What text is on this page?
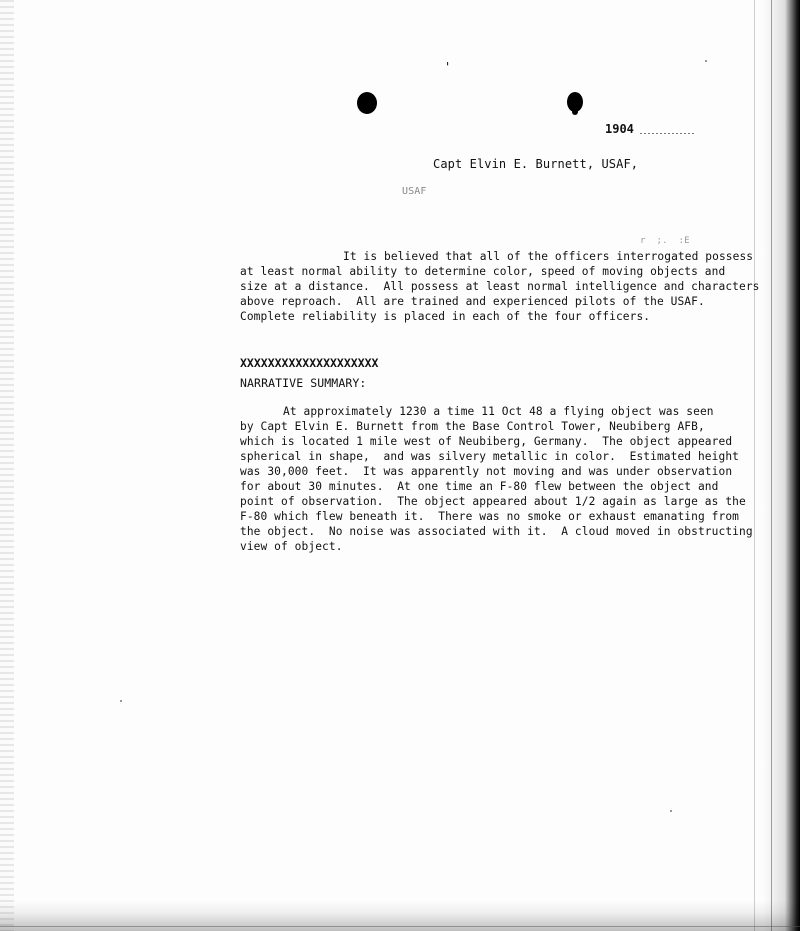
'
1904
Capt Elvin E. Burnett, USAF,
USAF
r  ;.  :E
It is believed that all of the officers interrogated possess
at least normal ability to determine color, speed of moving objects and
size at a distance.  All possess at least normal intelligence and characters
above reproach.  All are trained and experienced pilots of the USAF.
Complete reliability is placed in each of the four officers.
XXXXXXXXXXXXXXXXXXXX
NARRATIVE SUMMARY:
At approximately 1230 a time 11 Oct 48 a flying object was seen
by Capt Elvin E. Burnett from the Base Control Tower, Neubiberg AFB,
which is located 1 mile west of Neubiberg, Germany.  The object appeared
spherical in shape,  and was silvery metallic in color.  Estimated height
was 30,000 feet.  It was apparently not moving and was under observation
for about 30 minutes.  At one time an F-80 flew between the object and
point of observation.  The object appeared about 1/2 again as large as the
F-80 which flew beneath it.  There was no smoke or exhaust emanating from
the object.  No noise was associated with it.  A cloud moved in obstructing
view of object.
